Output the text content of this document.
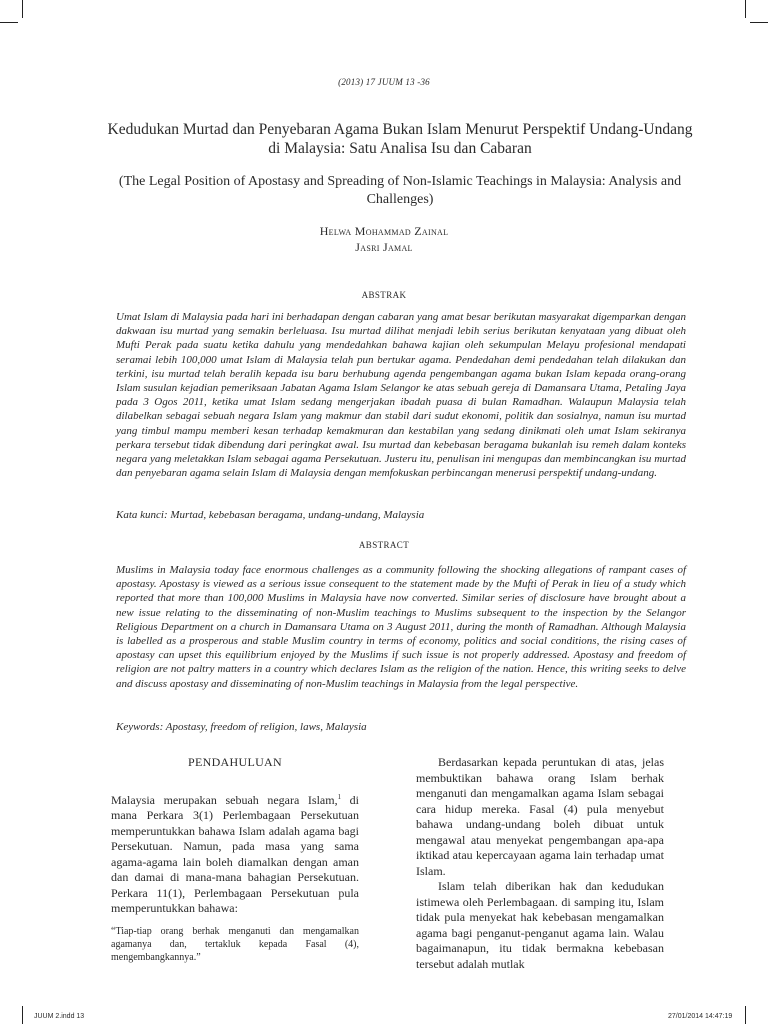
(2013) 17 JUUM 13 -36
Kedudukan Murtad dan Penyebaran Agama Bukan Islam Menurut Perspektif Undang-Undang di Malaysia: Satu Analisa Isu dan Cabaran
(The Legal Position of Apostasy and Spreading of Non-Islamic Teachings in Malaysia: Analysis and Challenges)
Helwa Mohammad Zainal
Jasri Jamal
ABSTRAK
Umat Islam di Malaysia pada hari ini berhadapan dengan cabaran yang amat besar berikutan masyarakat digemparkan dengan dakwaan isu murtad yang semakin berleluasa. Isu murtad dilihat menjadi lebih serius berikutan kenyataan yang dibuat oleh Mufti Perak pada suatu ketika dahulu yang mendedahkan bahawa kajian oleh sekumpulan Melayu profesional mendapati seramai lebih 100,000 umat Islam di Malaysia telah pun bertukar agama. Pendedahan demi pendedahan telah dilakukan dan terkini, isu murtad telah beralih kepada isu baru berhubung agenda pengembangan agama bukan Islam kepada orang-orang Islam susulan kejadian pemeriksaan Jabatan Agama Islam Selangor ke atas sebuah gereja di Damansara Utama, Petaling Jaya pada 3 Ogos 2011, ketika umat Islam sedang mengerjakan ibadah puasa di bulan Ramadhan. Walaupun Malaysia telah dilabelkan sebagai sebuah negara Islam yang makmur dan stabil dari sudut ekonomi, politik dan sosialnya, namun isu murtad yang timbul mampu memberi kesan terhadap kemakmuran dan kestabilan yang sedang dinikmati oleh umat Islam sekiranya perkara tersebut tidak dibendung dari peringkat awal. Isu murtad dan kebebasan beragama bukanlah isu remeh dalam konteks negara yang meletakkan Islam sebagai agama Persekutuan. Justeru itu, penulisan ini mengupas dan membincangkan isu murtad dan penyebaran agama selain Islam di Malaysia dengan memfokuskan perbincangan menerusi perspektif undang-undang.
Kata kunci: Murtad, kebebasan beragama, undang-undang, Malaysia
ABSTRACT
Muslims in Malaysia today face enormous challenges as a community following the shocking allegations of rampant cases of apostasy. Apostasy is viewed as a serious issue consequent to the statement made by the Mufti of Perak in lieu of a study which reported that more than 100,000 Muslims in Malaysia have now converted. Similar series of disclosure have brought about a new issue relating to the disseminating of non-Muslim teachings to Muslims subsequent to the inspection by the Selangor Religious Department on a church in Damansara Utama on 3 August 2011, during the month of Ramadhan. Although Malaysia is labelled as a prosperous and stable Muslim country in terms of economy, politics and social conditions, the rising cases of apostasy can upset this equilibrium enjoyed by the Muslims if such issue is not properly addressed. Apostasy and freedom of religion are not paltry matters in a country which declares Islam as the religion of the nation. Hence, this writing seeks to delve and discuss apostasy and disseminating of non-Muslim teachings in Malaysia from the legal perspective.
Keywords: Apostasy, freedom of religion, laws, Malaysia
PENDAHULUAN

Malaysia merupakan sebuah negara Islam,$^1$ di mana Perkara 3(1) Perlembagaan Persekutuan memperuntukkan bahawa Islam adalah agama bagi Persekutuan. Namun, pada masa yang sama agama-agama lain boleh diamalkan dengan aman dan damai di mana-mana bahagian Persekutuan. Perkara 11(1), Perlembagaan Persekutuan pula memperuntukkan bahawa:

“Tiap-tiap orang berhak menganuti dan mengamalkan agamanya dan, tertakluk kepada Fasal (4), mengembangkannya.”

Berdasarkan kepada peruntukan di atas, jelas membuktikan bahawa orang Islam berhak menganuti dan mengamalkan agama Islam sebagai cara hidup mereka. Fasal (4) pula menyebut bahawa undang-undang boleh dibuat untuk mengawal atau menyekat pengembangan apa-apa iktikad atau kepercayaan agama lain terhadap umat Islam.

Islam telah diberikan hak dan kedudukan istimewa oleh Perlembagaan. di samping itu, Islam tidak pula menyekat hak kebebasan mengamalkan agama bagi penganut-penganut agama lain. Walau bagaimanapun, itu tidak bermakna kebebasan tersebut adalah mutlak

JUUM 2.indd 13	27/01/2014 14:47:19
